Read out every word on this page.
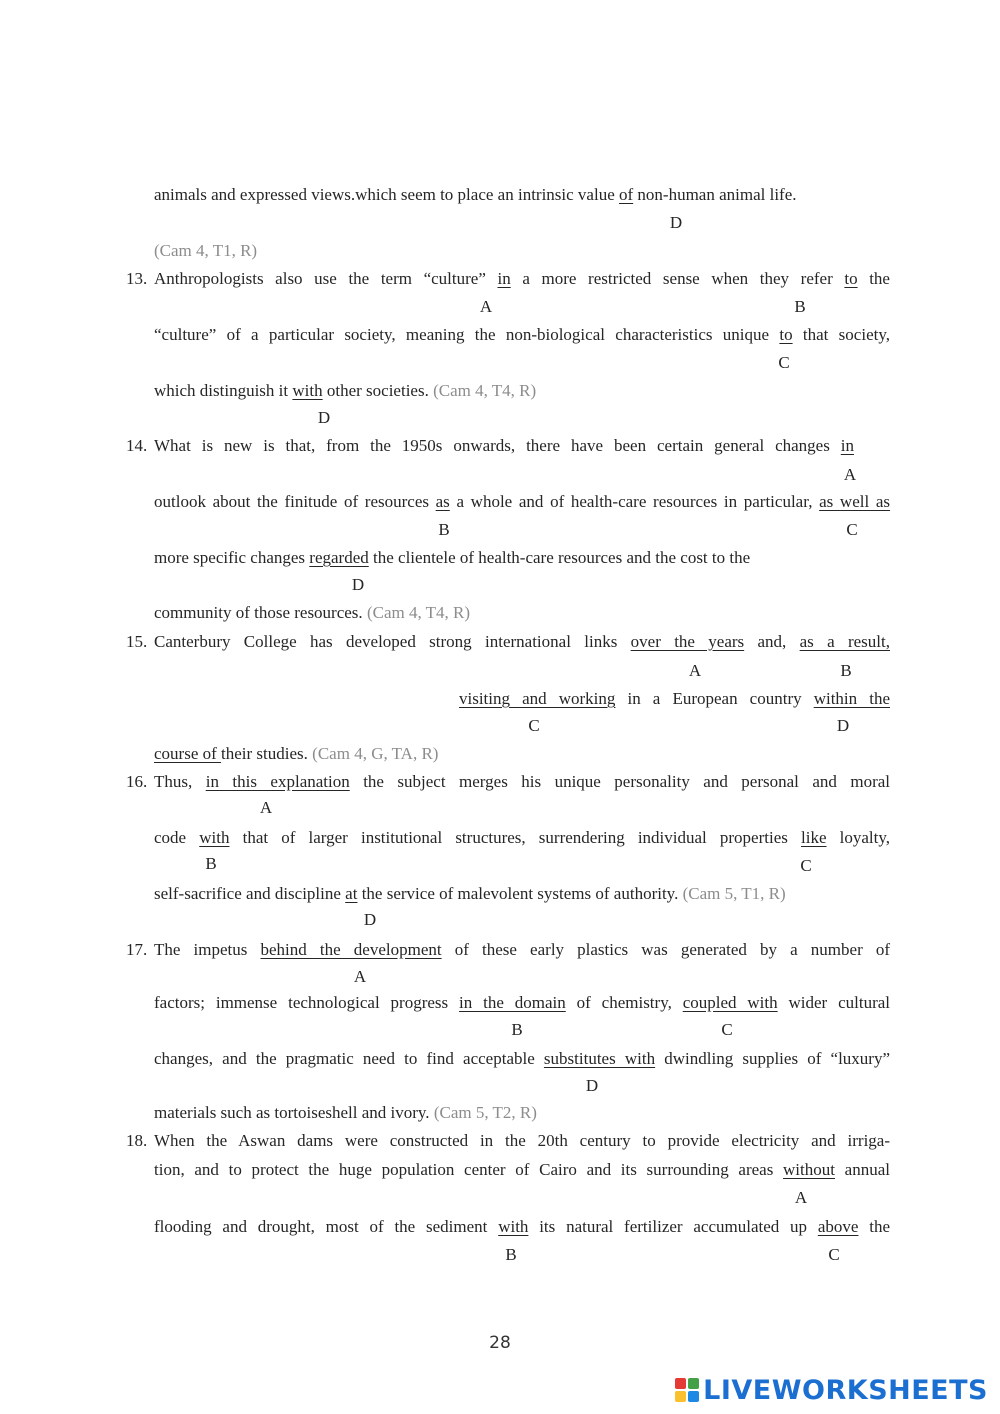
animals and expressed views.which seem to place an intrinsic value of non-human animal life.
D
(Cam 4, T1, R)
13. Anthropologists also use the term “culture” in a more restricted sense when they refer to the
A	B
“culture” of a particular society, meaning the non-biological characteristics unique to that society,
C
which distinguish it with other societies. (Cam 4, T4, R)
D
14. What is new is that, from the 1950s onwards, there have been certain general changes in
A
outlook about the finitude of resources as a whole and of health-care resources in particular, as well as
B	C
more specific changes regarded the clientele of health-care resources and the cost to the
D
community of those resources. (Cam 4, T4, R)
15. Canterbury College has developed strong international links over the years and, as a result,
A	B
visiting and working in a European country within the
C	D
course of their studies. (Cam 4, G, TA, R)
16. Thus, in this explanation the subject merges his unique personality and personal and moral
A
code with that of larger institutional structures, surrendering individual properties like loyalty,
B	C
self-sacrifice and discipline at the service of malevolent systems of authority. (Cam 5, T1, R)
D
17. The impetus behind the development of these early plastics was generated by a number of
A
factors; immense technological progress in the domain of chemistry, coupled with wider cultural
B	C
changes, and the pragmatic need to find acceptable substitutes with dwindling supplies of “luxury”
D
materials such as tortoiseshell and ivory. (Cam 5, T2, R)
18. When the Aswan dams were constructed in the 20th century to provide electricity and irriga-
tion, and to protect the huge population center of Cairo and its surrounding areas without annual
A
flooding and drought, most of the sediment with its natural fertilizer accumulated up above the
B	C
28
LIVEWORKSHEETS
